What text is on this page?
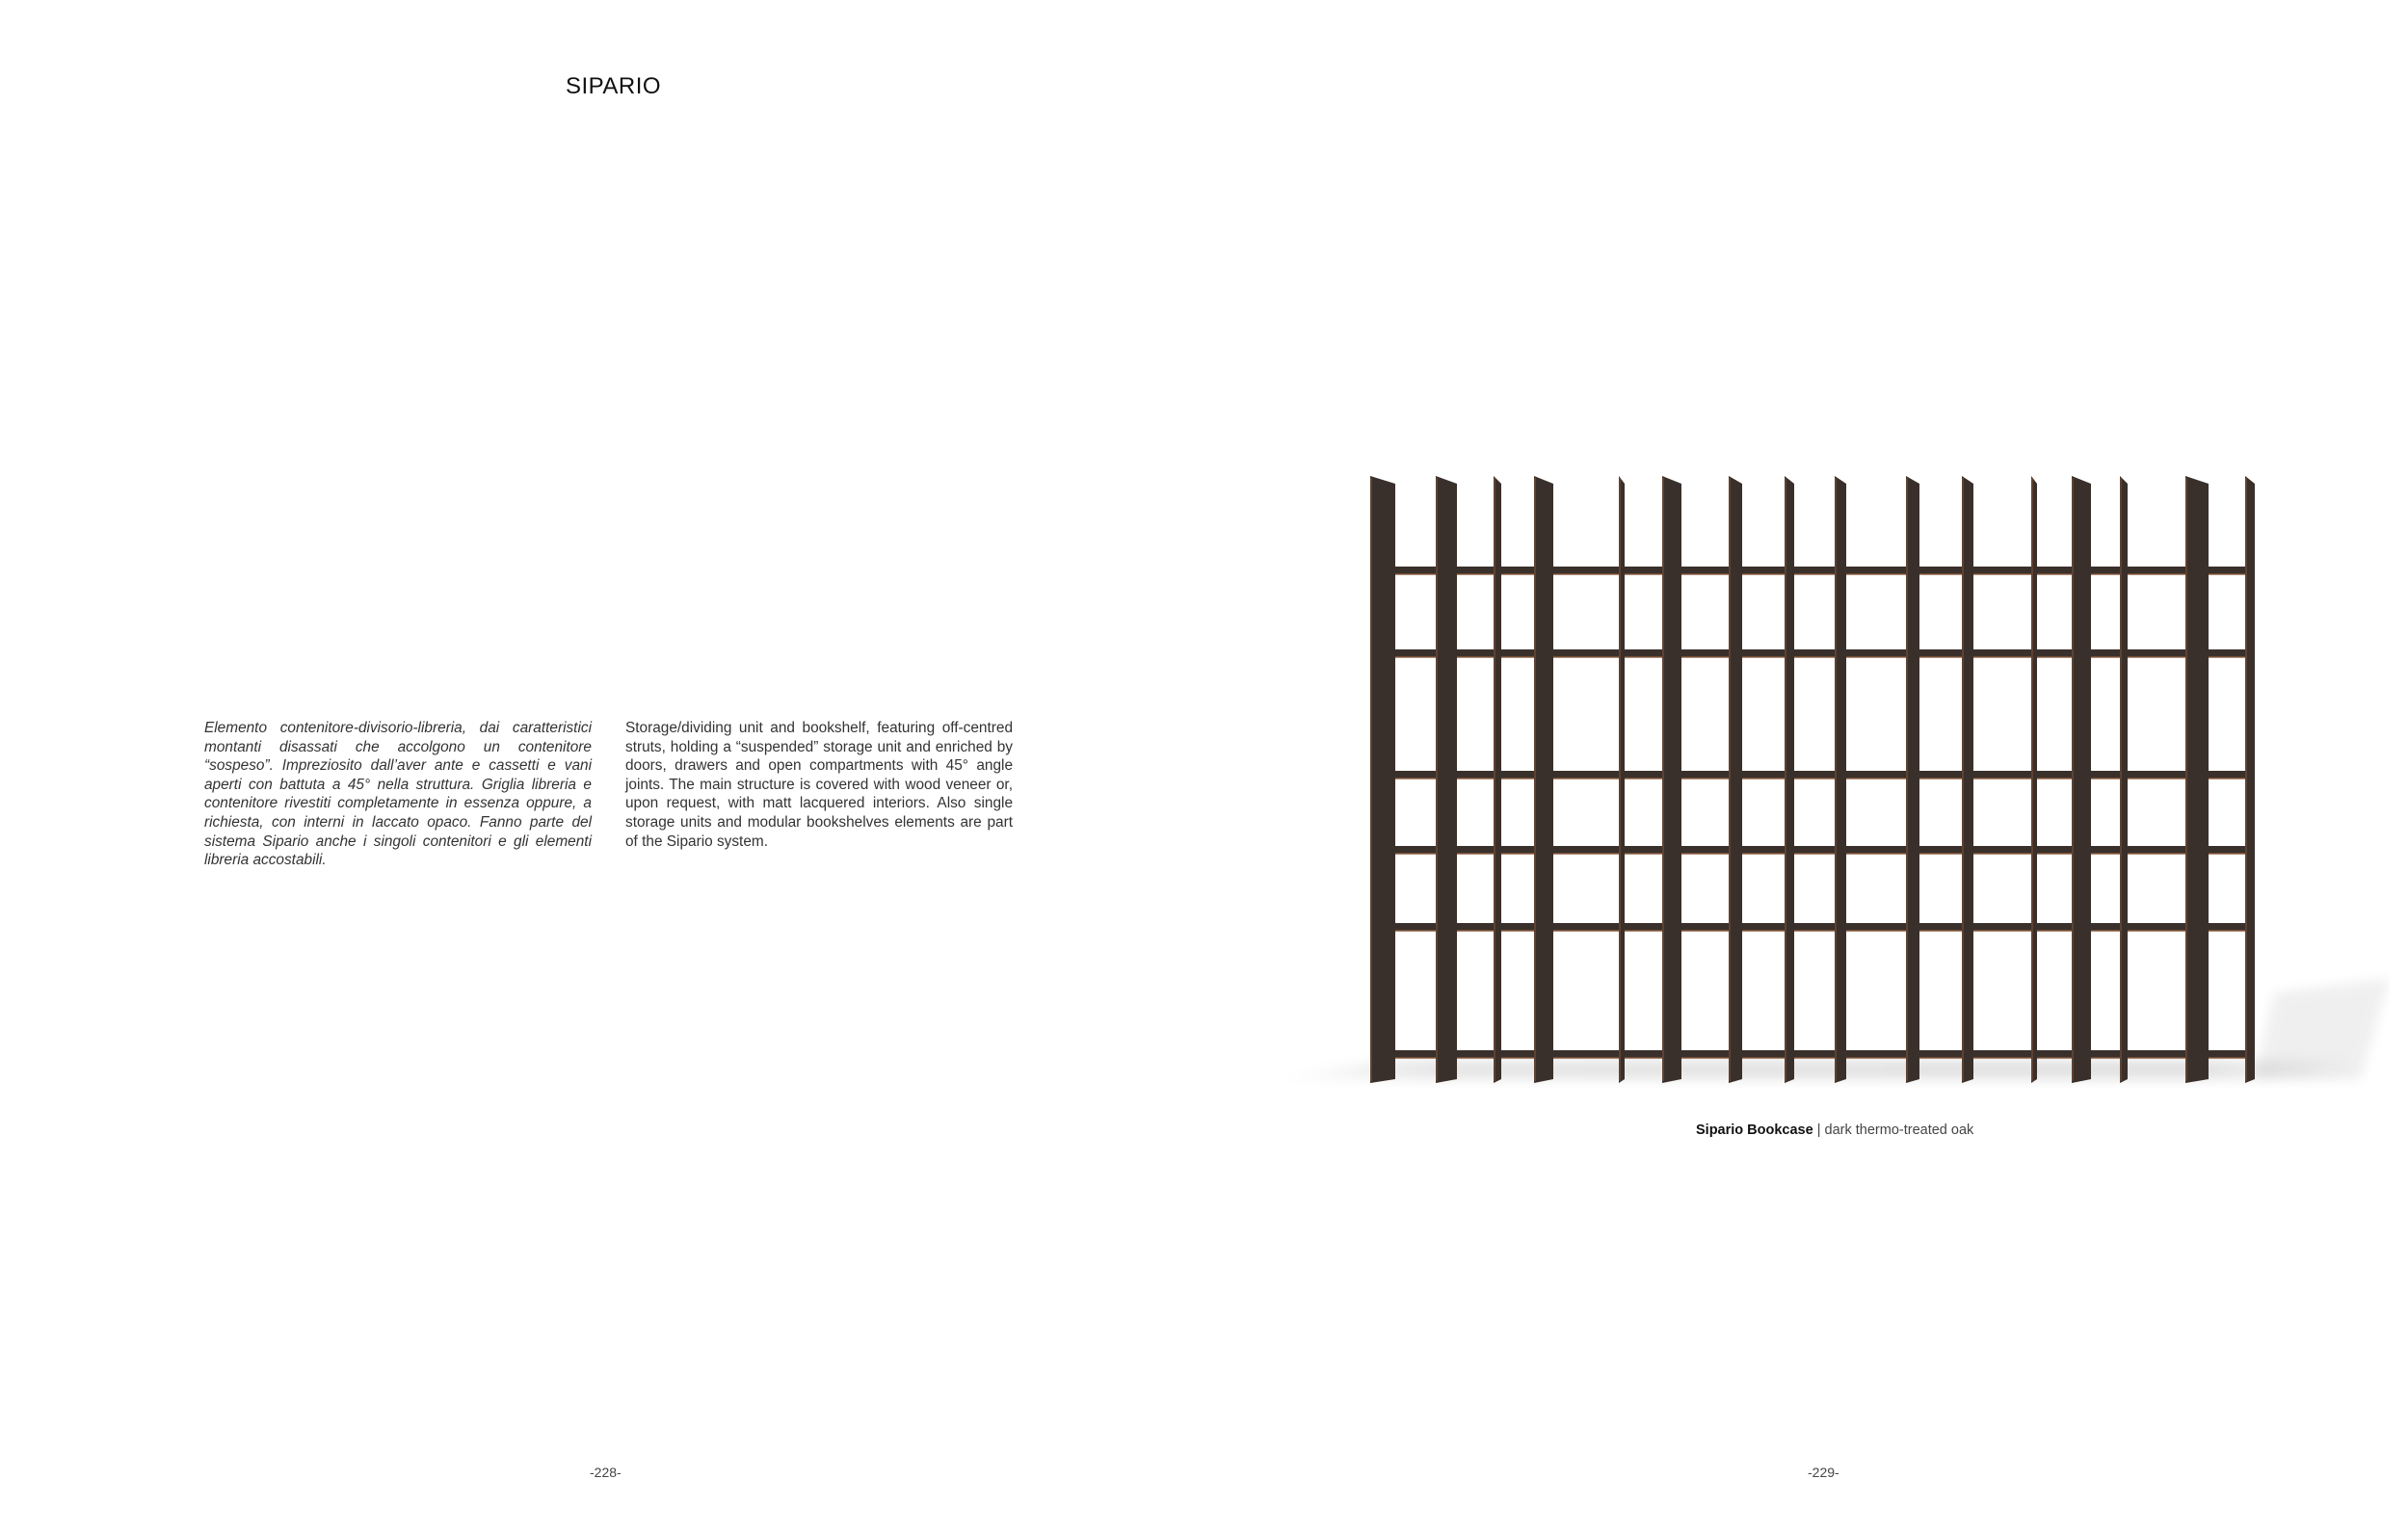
SIPARIO
Elemento contenitore-divisorio-libreria, dai caratteristici montanti disassati che accolgono un contenitore “sospeso”. Impreziosito dall’aver ante e cassetti e vani aperti con battuta a 45° nella struttura. Griglia libreria e contenitore rivestiti completamente in essenza oppure, a richiesta, con interni in laccato opaco. Fanno parte del sistema Sipario anche i singoli contenitori e gli elementi libreria accostabili.
Storage/dividing unit and bookshelf, featuring off-centred struts, holding a “suspended” storage unit and enriched by doors, drawers and open compartments with 45° angle joints. The main structure is covered with wood veneer or, upon request, with matt lacquered interiors. Also single storage units and modular bookshelves elements are part of the Sipario system.
Sipario Bookcase | dark thermo-treated oak
-228-	-229-
